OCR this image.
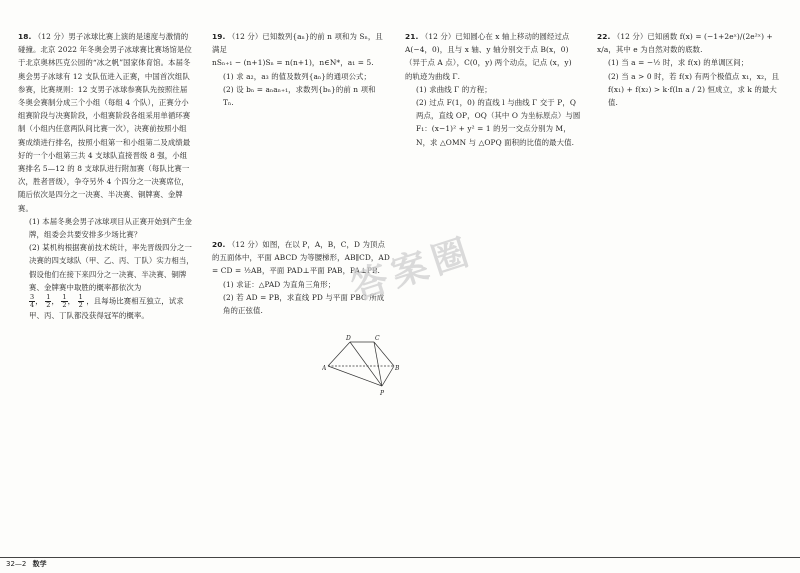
18. （12 分）男子冰球比赛上演的是速度与激情的碰撞。北京 2022 年冬奥会男子冰球赛比赛场馆是位于北京奥林匹克公园的“冰之帆”国家体育馆。本届冬奥会男子冰球有 12 支队伍进入正赛，中国首次组队参赛，比赛规则：12 支男子冰球参赛队先按照往届冬奥会赛制分成三个小组（每组 4 个队），正赛分小组赛阶段与决赛阶段，小组赛阶段各组采用单循环赛制（小组内任意两队间比赛一次），决赛前按照小组赛成绩进行排名，按照小组第一和小组第二及成绩最好的一个小组第三共 4 支球队直接晋级 8 强，小组赛排名 5—12 的 8 支球队进行附加赛（每队比赛一次，胜者晋级），争夺另外 4 个四分之一决赛席位，随后依次是四分之一决赛、半决赛、铜牌赛、金牌赛。

(1) 本届冬奥会男子冰球项目从正赛开始到产生金牌，组委会共要安排多少场比赛？

(2) 某机构根据赛前技术统计，率先晋级四分之一决赛的四支球队（甲、乙、丙、丁队）实力相当，假设他们在接下来四分之一决赛、半决赛、铜牌赛、金牌赛中取胜的概率都依次为

$\frac{3}{4}$ ， $\frac{1}{2}$ ， $\frac{1}{2}$ ， $\frac{1}{2}$ ，且每场比赛相互独立，试求甲、丙、丁队都没获得冠军的概率。

19. （12 分）已知数列{aₙ}的前 n 项和为 Sₙ，且满足

nSₙ₊₁ − (n+1)Sₙ = n(n+1)，n∈N*，a₁ = 5.

(1) 求 a₂，a₃ 的值及数列{aₙ}的通项公式；

(2) 设 bₙ = aₙaₙ₊₁，求数列{bₙ}的前 n 项和 Tₙ.

20. （12 分）如图，在以 P，A，B，C，D 为顶点的五面体中，平面 ABCD 为等腰梯形，AB∥CD，AD = CD = ½AB，平面 PAD⊥平面 PAB，PA⊥PB.

(1) 求证：△PAD 为直角三角形；

(2) 若 AD = PB，求直线 PD 与平面 PBC 所成角的正弦值.

D	C
A	B
P
答案圈

21. （12 分）已知圆心在 x 轴上移动的圆经过点 A(−4，0)，且与 x 轴、y 轴分别交于点 B(x，0)（异于点 A 点），C(0，y) 两个动点，记点 (x，y) 的轨迹为曲线 Γ.

(1) 求曲线 Γ 的方程；

(2) 过点 F(1，0) 的直线 l 与曲线 Γ 交于 P，Q 两点，直线 OP，OQ（其中 O 为坐标原点）与圆 F₁：(x−1)² + y² = 1 的另一交点分别为 M，N，求 △OMN 与 △OPQ 面积的比值的最大值.

22. （12 分）已知函数 f(x) = (−1+2eˣ)/(2e²ˣ) + x/a，其中 e 为自然对数的底数.

(1) 当 a = −½ 时，求 f(x) 的单调区间；

(2) 当 a > 0 时，若 f(x) 有两个极值点 x₁，x₂，且 f(x₁) + f(x₂) > k·f(ln a / 2) 恒成立，求 k 的最大值.

32—2 数学
